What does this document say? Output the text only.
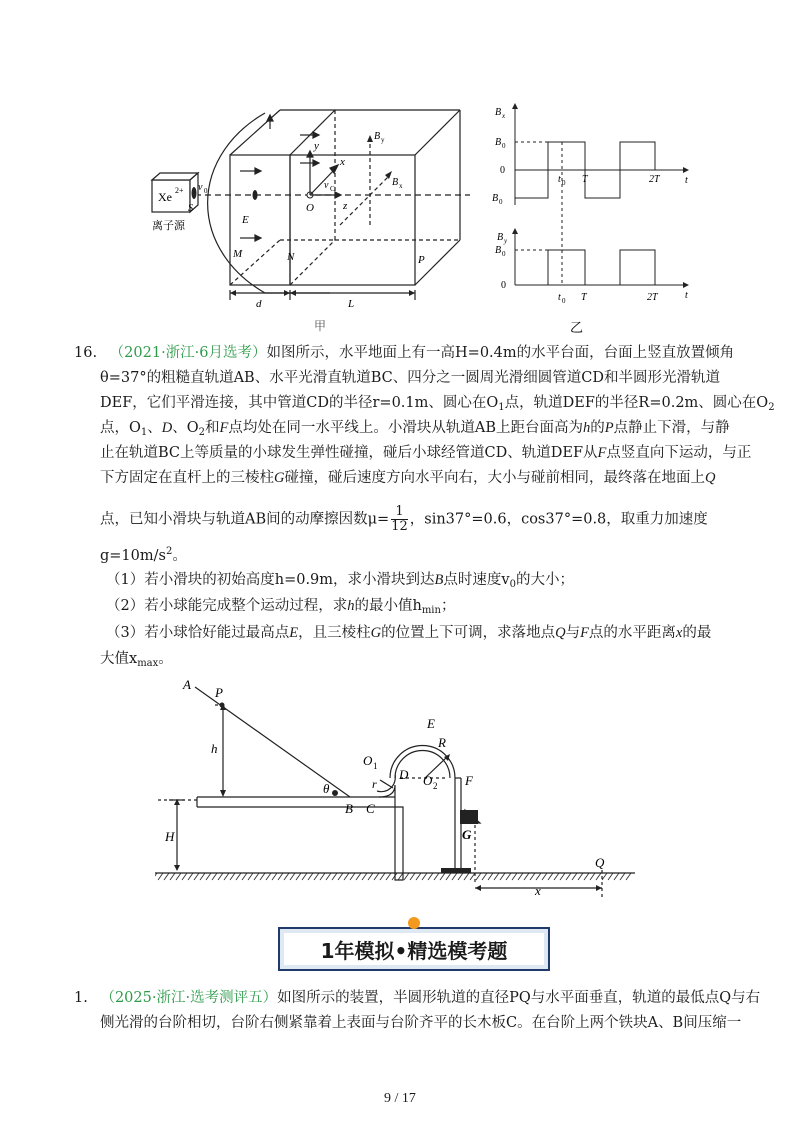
Xe 2+ v 0
S
离子源	E
M	N	P
O
x
y
z
v C
B y
B x
d	L
B x
B 0
0
B 0
t 0 T	2T	t
B y
B 0
0
t 0 T	2T	t
甲	乙
16. （2021·浙江·6月选考）如图所示，水平地面上有一高H=0.4m的水平台面，台面上竖直放置倾角
θ=37°的粗糙直轨道AB、水平光滑直轨道BC、四分之一圆周光滑细圆管道CD和半圆形光滑轨道
DEF，它们平滑连接，其中管道CD的半径r=0.1m、圆心在$O_1$点，轨道DEF的半径R=0.2m、圆心在$O_2$
点，$O_1$、D、$O_2$和F点均处在同一水平线上。小滑块从轨道AB上距台面高为h的P点静止下滑，与静
止在轨道BC上等质量的小球发生弹性碰撞，碰后小球经管道CD、轨道DEF从F点竖直向下运动，与正
下方固定在直杆上的三棱柱G碰撞，碰后速度方向水平向右，大小与碰前相同，最终落在地面上Q
点，已知小滑块与轨道AB间的动摩擦因数$\mu= \frac{1}{12}$ ，sin37°=0.6，cos37°=0.8，取重力加速度
$g=10m/s^2$。
（1）若小滑块的初始高度h=0.9m，求小滑块到达B点时速度$v_0$的大小；
（2）若小球能完成整个运动过程，求h的最小值$h_{min}$；
（3）若小球恰好能过最高点E，且三棱柱G的位置上下可调，求落地点Q与F点的水平距离x的最
大值$x_{max}$。
A
P
h
θ
B C
H
O 1
r
D
E
R
O 2 F
G
Q
x
1年模拟•精选模考题
1. （2025·浙江·选考测评五）如图所示的装置，半圆形轨道的直径PQ与水平面垂直，轨道的最低点Q与右
侧光滑的台阶相切，台阶右侧紧靠着上表面与台阶齐平的长木板C。在台阶上两个铁块A、B间压缩一
9 / 17
